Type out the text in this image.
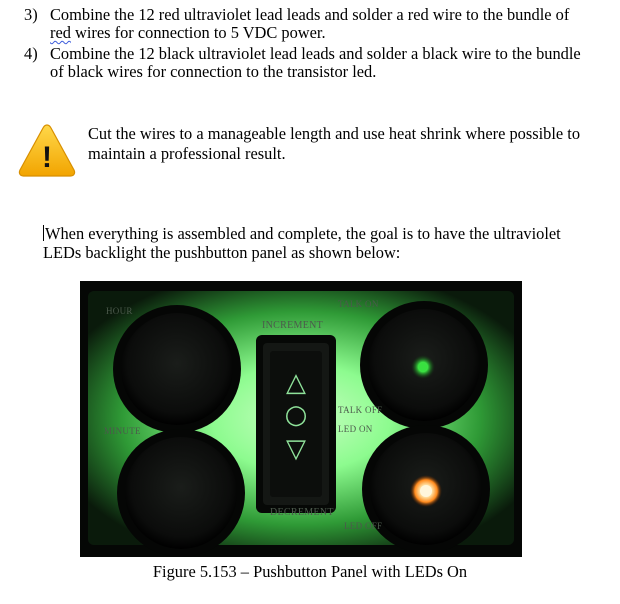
3) Combine the 12 red ultraviolet lead leads and solder a red wire to the bundle of
red wires for connection to 5 VDC power.
4) Combine the 12 black ultraviolet lead leads and solder a black wire to the bundle
of black wires for connection to the transistor led.
!
Cut the wires to a manageable length and use heat shrink where possible to
maintain a professional result.
When everything is assembled and complete, the goal is to have the ultraviolet
LEDs backlight the pushbutton panel as shown below:
△
○
▽
HOUR
MINUTE
INCREMENT
DECREMENT
TALK ON
TALK OFF
LED ON
LED OFF
Figure 5.153 – Pushbutton Panel with LEDs On
